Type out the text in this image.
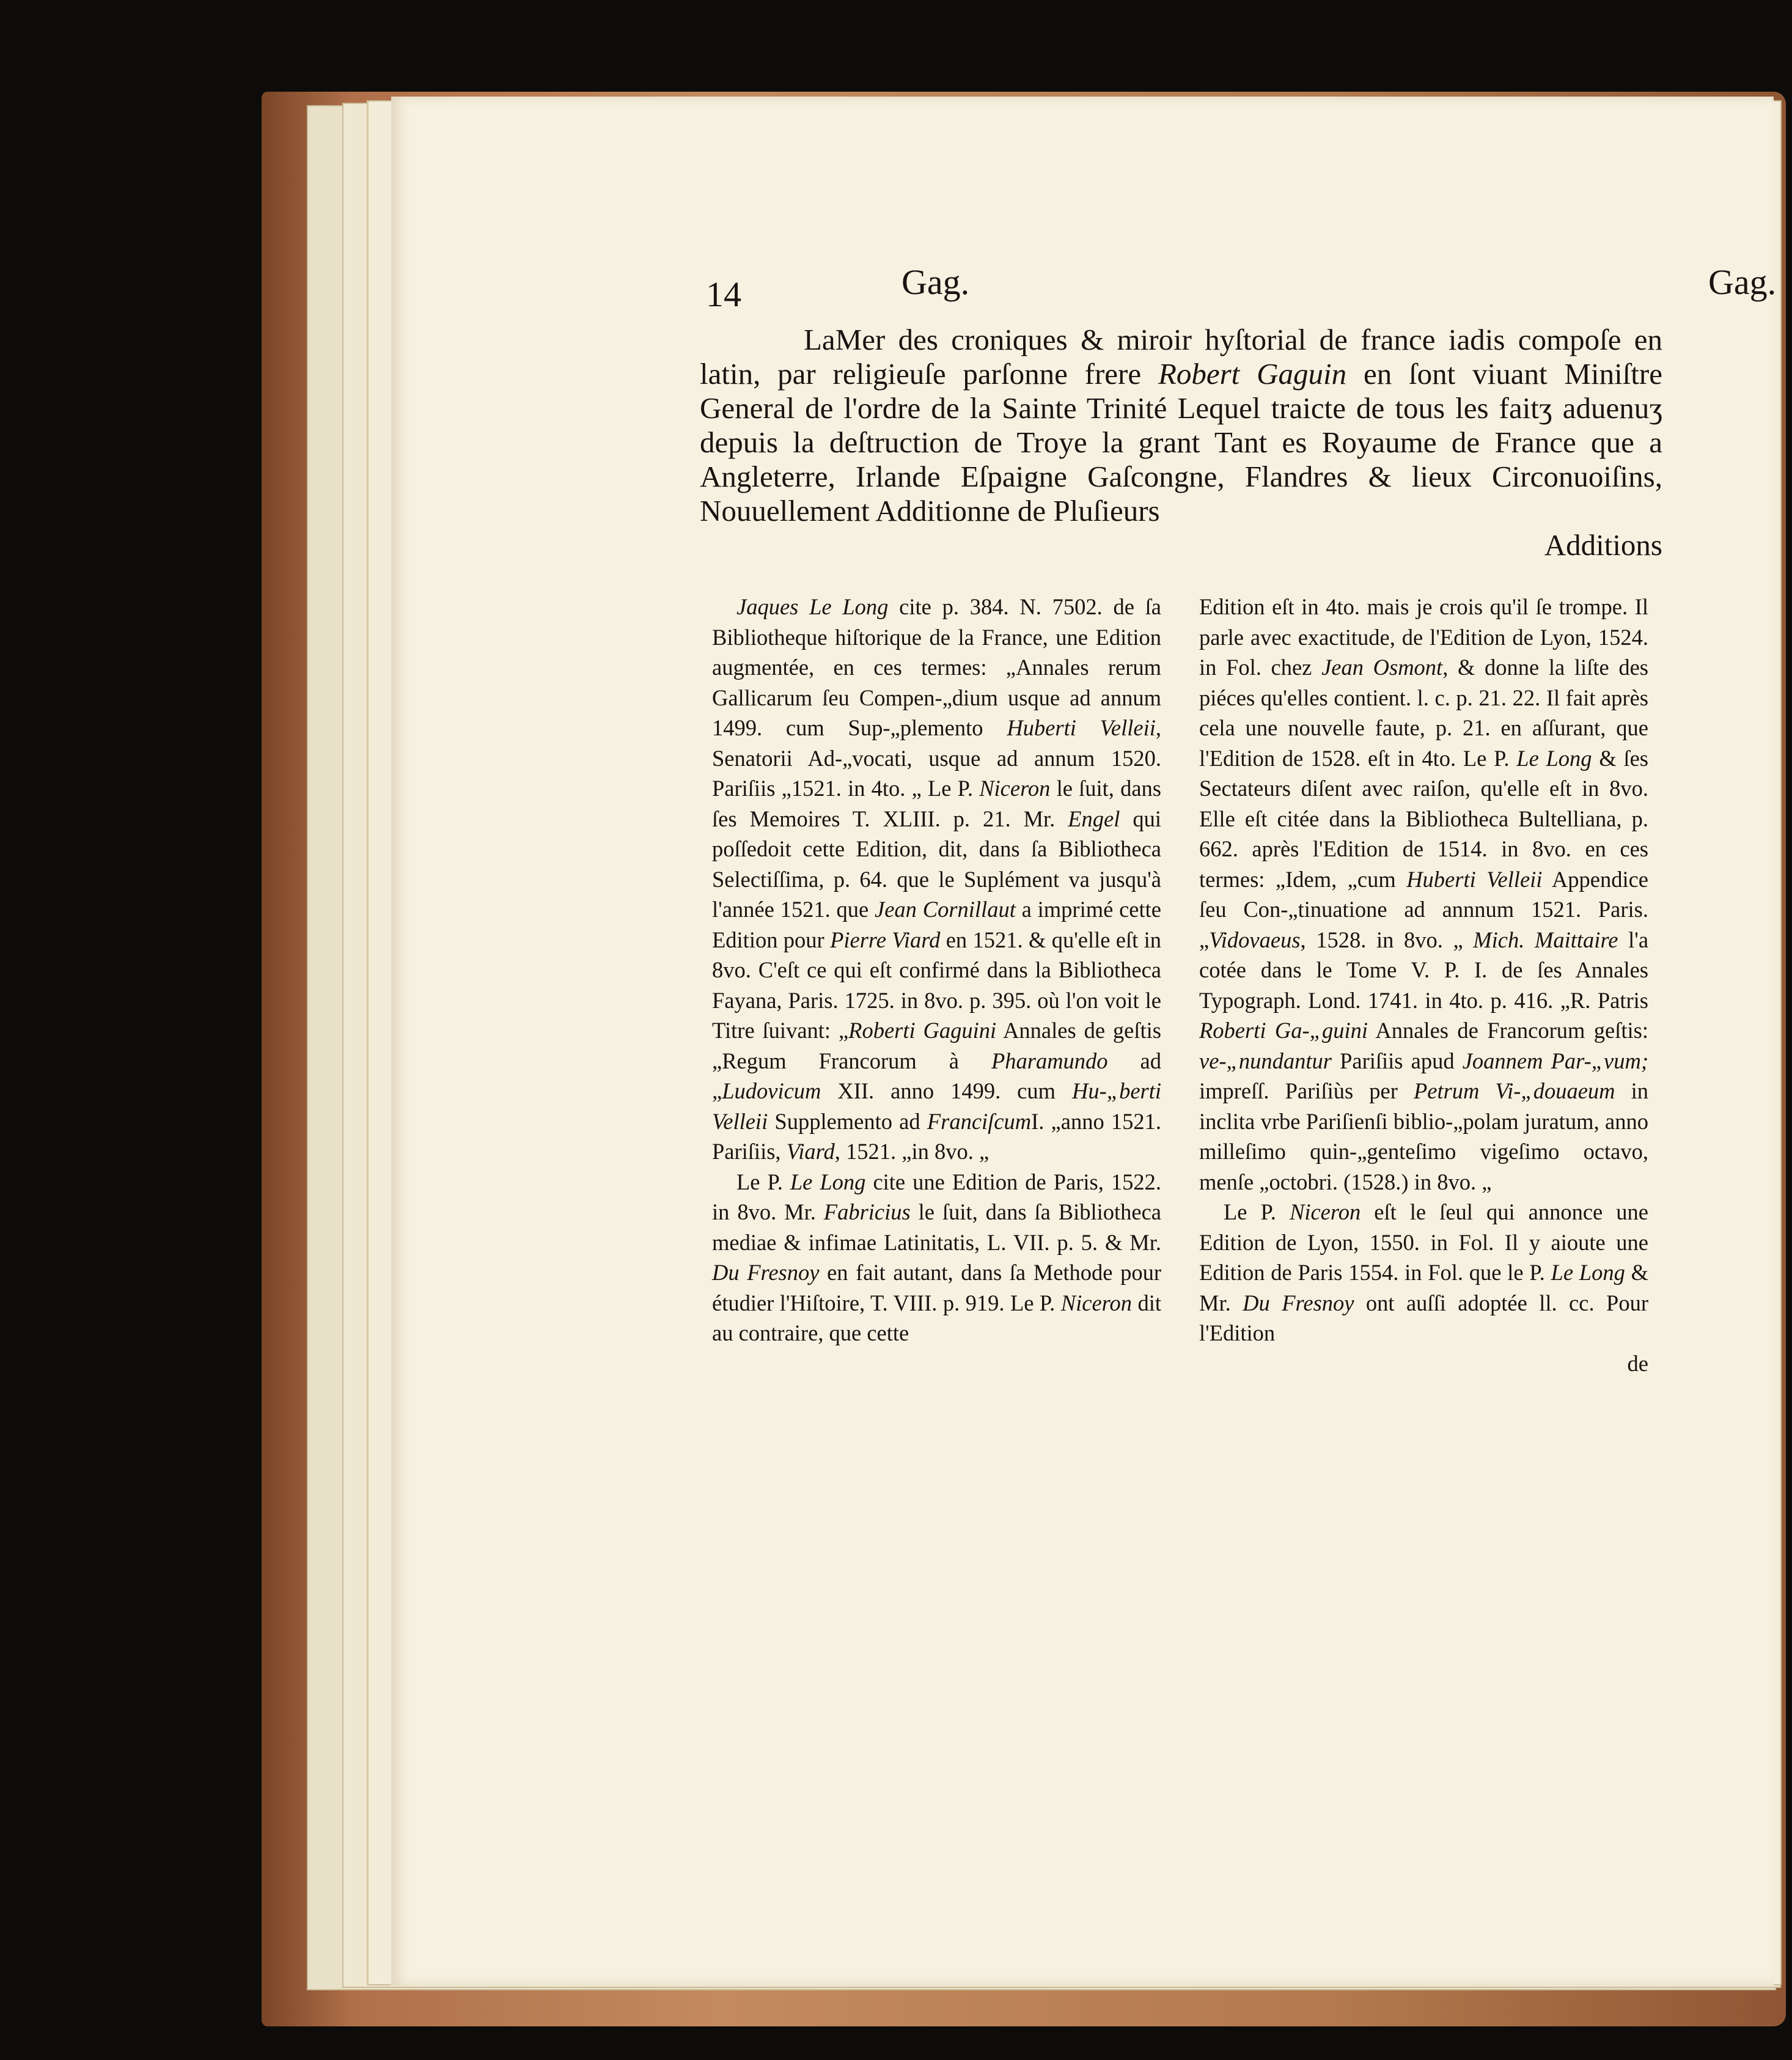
14	Gag.	Gag.
LaMer des croniques & miroir hyſtorial de france iadis compoſe en latin, par religieuſe parſonne frere Robert Gaguin en ſont viuant Miniſtre General de l'ordre de la Sainte Trinité Lequel traicte de tous les faitʒ aduenuʒ depuis la deſtruction de Troye la grant Tant es Royaume de France que a Angleterre, Irlande Eſpaigne Gaſcongne, Flandres & lieux Circonuoiſins, Nouuellement Additionne de Pluſieurs
Additions

Jaques Le Long cite p. 384. N. 7502. de ſa Bibliotheque hiſtorique de la France, une Edition augmentée, en ces termes: „Annales rerum Gallicarum ſeu Compen-„dium usque ad annum 1499. cum Sup-„plemento Huberti Velleii, Senatorii Ad-„vocati, usque ad annum 1520. Pariſiis „1521. in 4to. „ Le P. Niceron le ſuit, dans ſes Memoires T. XLIII. p. 21. Mr. Engel qui poſſedoit cette Edition, dit, dans ſa Bibliotheca Selectiſſima, p. 64. que le Suplément va jusqu'à l'année 1521. que Jean Cornillaut a imprimé cette Edition pour Pierre Viard en 1521. & qu'elle eſt in 8vo. C'eſt ce qui eſt confirmé dans la Bibliotheca Fayana, Paris. 1725. in 8vo. p. 395. où l'on voit le Titre ſuivant: „Roberti Gaguini Annales de geſtis „Regum Francorum à Pharamundo ad „Ludovicum XII. anno 1499. cum Hu-„berti Velleii Supplemento ad FranciſcumI. „anno 1521. Pariſiis, Viard, 1521. „in 8vo. „

Le P. Le Long cite une Edition de Paris, 1522. in 8vo. Mr. Fabricius le ſuit, dans ſa Bibliotheca mediae & infimae Latinitatis, L. VII. p. 5. & Mr. Du Fresnoy en fait autant, dans ſa Methode pour étudier l'Hiſtoire, T. VIII. p. 919. Le P. Niceron dit au contraire, que cette

Edition eſt in 4to. mais je crois qu'il ſe trompe. Il parle avec exactitude, de l'Edition de Lyon, 1524. in Fol. chez Jean Osmont, & donne la liſte des piéces qu'elles contient. l. c. p. 21. 22. Il fait après cela une nouvelle faute, p. 21. en aſſurant, que l'Edition de 1528. eſt in 4to. Le P. Le Long & ſes Sectateurs diſent avec raiſon, qu'elle eſt in 8vo. Elle eſt citée dans la Bibliotheca Bultelliana, p. 662. après l'Edition de 1514. in 8vo. en ces termes: „Idem, „cum Huberti Velleii Appendice ſeu Con-„tinuatione ad annnum 1521. Paris. „Vidovaeus, 1528. in 8vo. „ Mich. Maittaire l'a cotée dans le Tome V. P. I. de ſes Annales Typograph. Lond. 1741. in 4to. p. 416. „R. Patris Roberti Ga-„guini Annales de Francorum geſtis: ve-„nundantur Pariſiis apud Joannem Par-„vum; impreſſ. Pariſiùs per Petrum Vi-„douaeum in inclita vrbe Pariſienſi biblio-„polam juratum, anno milleſimo quin-„genteſimo vigeſimo octavo, menſe „octobri. (1528.) in 8vo. „

Le P. Niceron eſt le ſeul qui annonce une Edition de Lyon, 1550. in Fol. Il y aioute une Edition de Paris 1554. in Fol. que le P. Le Long & Mr. Du Fresnoy ont auſſi adoptée ll. cc. Pour l'Edition

de
